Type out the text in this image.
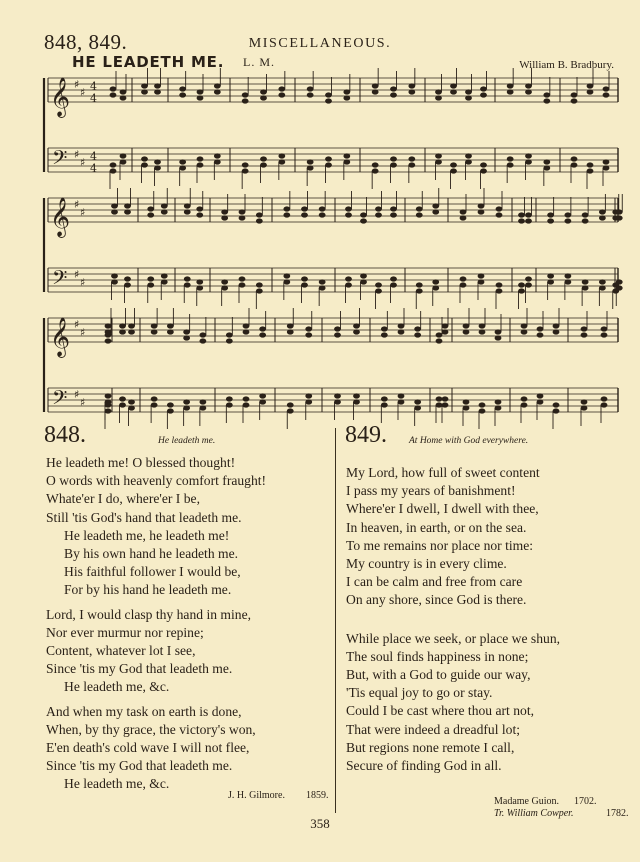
848, 849.	MISCELLANEOUS.
HE LEADETH ME. L. M.	William B. Bradbury.
𝄞 ♯
♯ 4
4
𝄢 ♯
♯ 4
4
𝄞 ♯
♯
𝄢 ♯
♯
𝄞 ♯
♯
𝄢 ♯
♯
848.	He leadeth me.
He leadeth me! O blessed thought!
O words with heavenly comfort fraught!
Whate'er I do, where'er I be,
Still 'tis God's hand that leadeth me.
He leadeth me, he leadeth me!
By his own hand he leadeth me.
His faithful follower I would be,
For by his hand he leadeth me.
Lord, I would clasp thy hand in mine,
Nor ever murmur nor repine;
Content, whatever lot I see,
Since 'tis my God that leadeth me.
He leadeth me, &c.
And when my task on earth is done,
When, by thy grace, the victory's won,
E'en death's cold wave I will not flee,
Since 'tis my God that leadeth me.
He leadeth me, &c.
J. H. Gilmore. 1859.
849. At Home with God everywhere.
My Lord, how full of sweet content
I pass my years of banishment!
Where'er I dwell, I dwell with thee,
In heaven, in earth, or on the sea.
To me remains nor place nor time:
My country is in every clime.
I can be calm and free from care
On any shore, since God is there.
While place we seek, or place we shun,
The soul finds happiness in none;
But, with a God to guide our way,
'Tis equal joy to go or stay.
Could I be cast where thou art not,
That were indeed a dreadful lot;
But regions none remote I call,
Secure of finding God in all.
Madame Guion. 1702.
Tr. William Cowper.	1782.
358
